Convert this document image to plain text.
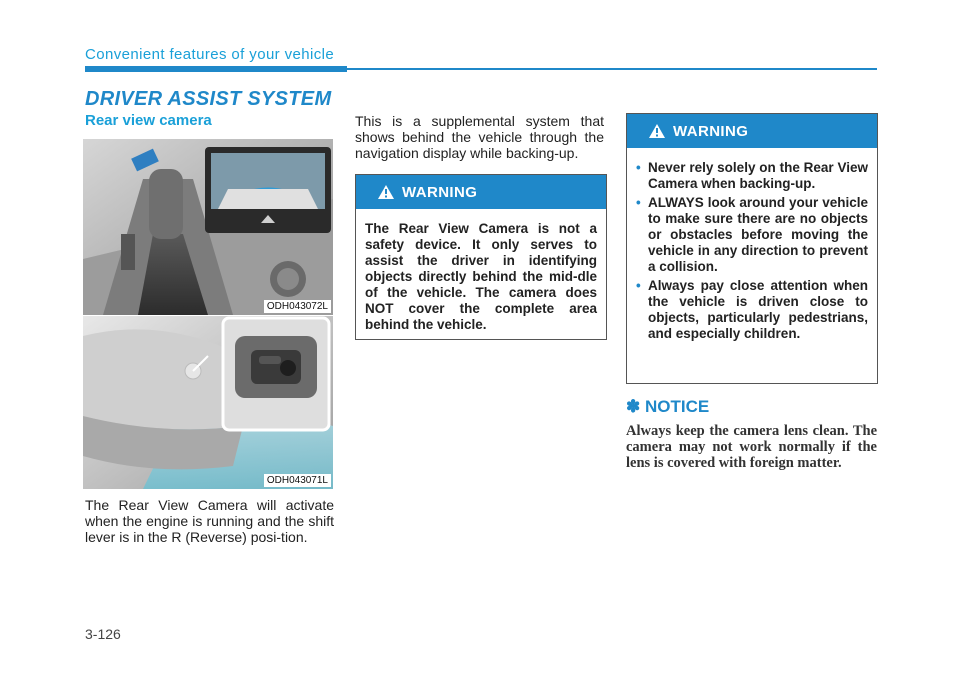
Convenient features of your vehicle
DRIVER ASSIST SYSTEM
Rear view camera
ODH043072L
ODH043071L
The Rear View Camera will activate when the engine is running and the shift lever is in the R (Reverse) posi-tion.
This is a supplemental system that shows behind the vehicle through the navigation display while backing-up.
WARNING
The Rear View Camera is not a safety device. It only serves to assist the driver in identifying objects directly behind the mid-dle of the vehicle. The camera does NOT cover the complete area behind the vehicle.
WARNING
• Never rely solely on the Rear View Camera when backing-up.
• ALWAYS look around your vehicle to make sure there are no objects or obstacles before moving the vehicle in any direction to prevent a collision.
• Always pay close attention when the vehicle is driven close to objects, particularly pedestrians, and especially children.
✽ NOTICE
Always keep the camera lens clean. The camera may not work normally if the lens is covered with foreign matter.
3-126
